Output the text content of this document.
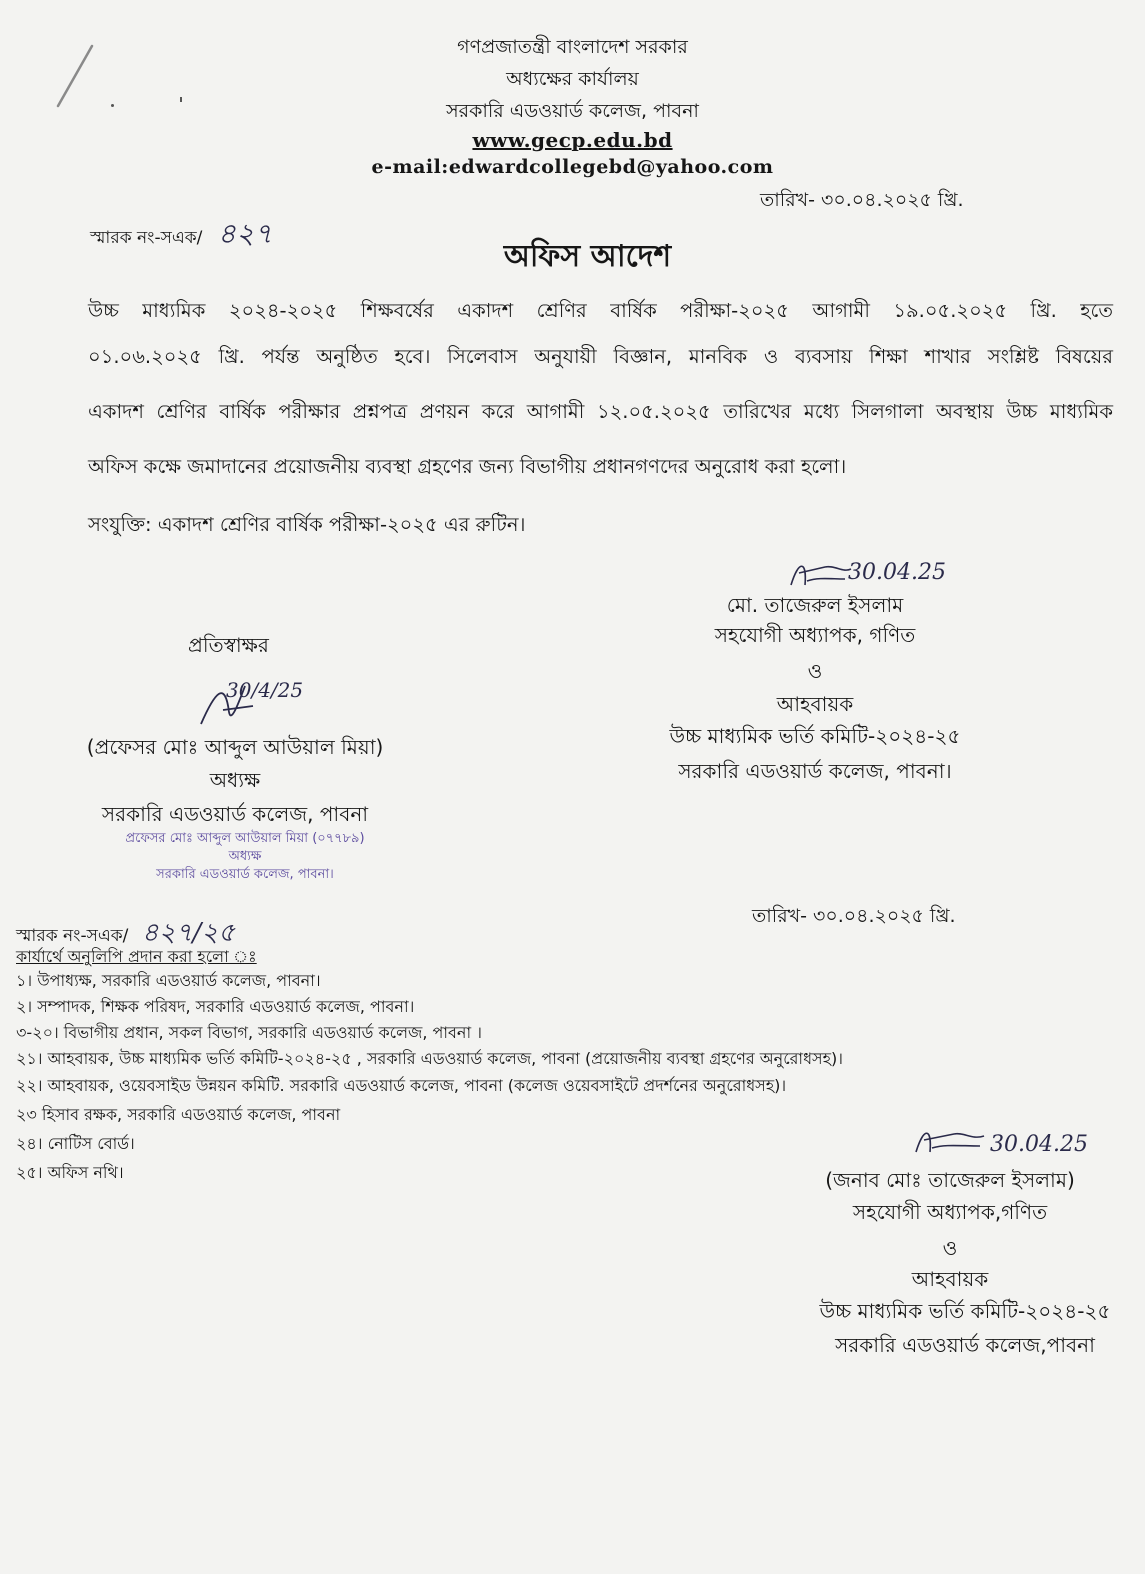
গণপ্রজাতন্ত্রী বাংলাদেশ সরকার
অধ্যক্ষের কার্যালয়
সরকারি এডওয়ার্ড কলেজ, পাবনা
www.gecp.edu.bd
e-mail:edwardcollegebd@yahoo.com
স্মারক নং-সএক/ ৪২৭
তারিখ- ৩০.০৪.২০২৫ খ্রি.
অফিস আদেশ
উচ্চ মাধ্যমিক ২০২৪-২০২৫ শিক্ষবর্ষের একাদশ শ্রেণির বার্ষিক পরীক্ষা-২০২৫ আগামী ১৯.০৫.২০২৫ খ্রি. হতে
০১.০৬.২০২৫ খ্রি. পর্যন্ত অনুষ্ঠিত হবে। সিলেবাস অনুযায়ী বিজ্ঞান, মানবিক ও ব্যবসায় শিক্ষা শাখার সংশ্লিষ্ট বিষয়ের
একাদশ শ্রেণির বার্ষিক পরীক্ষার প্রশ্নপত্র প্রণয়ন করে আগামী ১২.০৫.২০২৫ তারিখের মধ্যে সিলগালা অবস্থায় উচ্চ মাধ্যমিক
অফিস কক্ষে জমাদানের প্রয়োজনীয় ব্যবস্থা গ্রহণের জন্য বিভাগীয় প্রধানগণদের অনুরোধ করা হলো।
সংযুক্তি: একাদশ শ্রেণির বার্ষিক পরীক্ষা-২০২৫ এর রুটিন।
30.04.25
মো. তাজেরুল ইসলাম
সহযোগী অধ্যাপক, গণিত
ও
আহবায়ক
উচ্চ মাধ্যমিক ভর্তি কমিটি-২০২৪-২৫
সরকারি এডওয়ার্ড কলেজ, পাবনা।
প্রতিস্বাক্ষর
30/4/25
(প্রফেসর মোঃ আব্দুল আউয়াল মিয়া)
অধ্যক্ষ
সরকারি এডওয়ার্ড কলেজ, পাবনা
প্রফেসর মোঃ আব্দুল আউয়াল মিয়া (০৭৭৮৯)
অধ্যক্ষ
সরকারি এডওয়ার্ড কলেজ, পাবনা।
স্মারক নং-সএক/ ৪২৭/২৫
তারিখ- ৩০.০৪.২০২৫ খ্রি.
কার্যার্থে অনুলিপি প্রদান করা হলো ঃ
১। উপাধ্যক্ষ, সরকারি এডওয়ার্ড কলেজ, পাবনা।
২। সম্পাদক, শিক্ষক পরিষদ, সরকারি এডওয়ার্ড কলেজ, পাবনা।
৩-২০। বিভাগীয় প্রধান, সকল বিভাগ, সরকারি এডওয়ার্ড কলেজ, পাবনা ।
২১। আহবায়ক, উচ্চ মাধ্যমিক ভর্তি কমিটি-২০২৪-২৫ , সরকারি এডওয়ার্ড কলেজ, পাবনা (প্রয়োজনীয় ব্যবস্থা গ্রহণের অনুরোধসহ)।
২২। আহবায়ক, ওয়েবসাইড উন্নয়ন কমিটি. সরকারি এডওয়ার্ড কলেজ, পাবনা (কলেজ ওয়েবসাইটে প্রদর্শনের অনুরোধসহ)।
২৩ হিসাব রক্ষক, সরকারি এডওয়ার্ড কলেজ, পাবনা
২৪। নোটিস বোর্ড।
২৫। অফিস নথি।
30.04.25
(জনাব মোঃ তাজেরুল ইসলাম)
সহযোগী অধ্যাপক,গণিত
ও
আহবায়ক
উচ্চ মাধ্যমিক ভর্তি কমিটি-২০২৪-২৫
সরকারি এডওয়ার্ড কলেজ,পাবনা
